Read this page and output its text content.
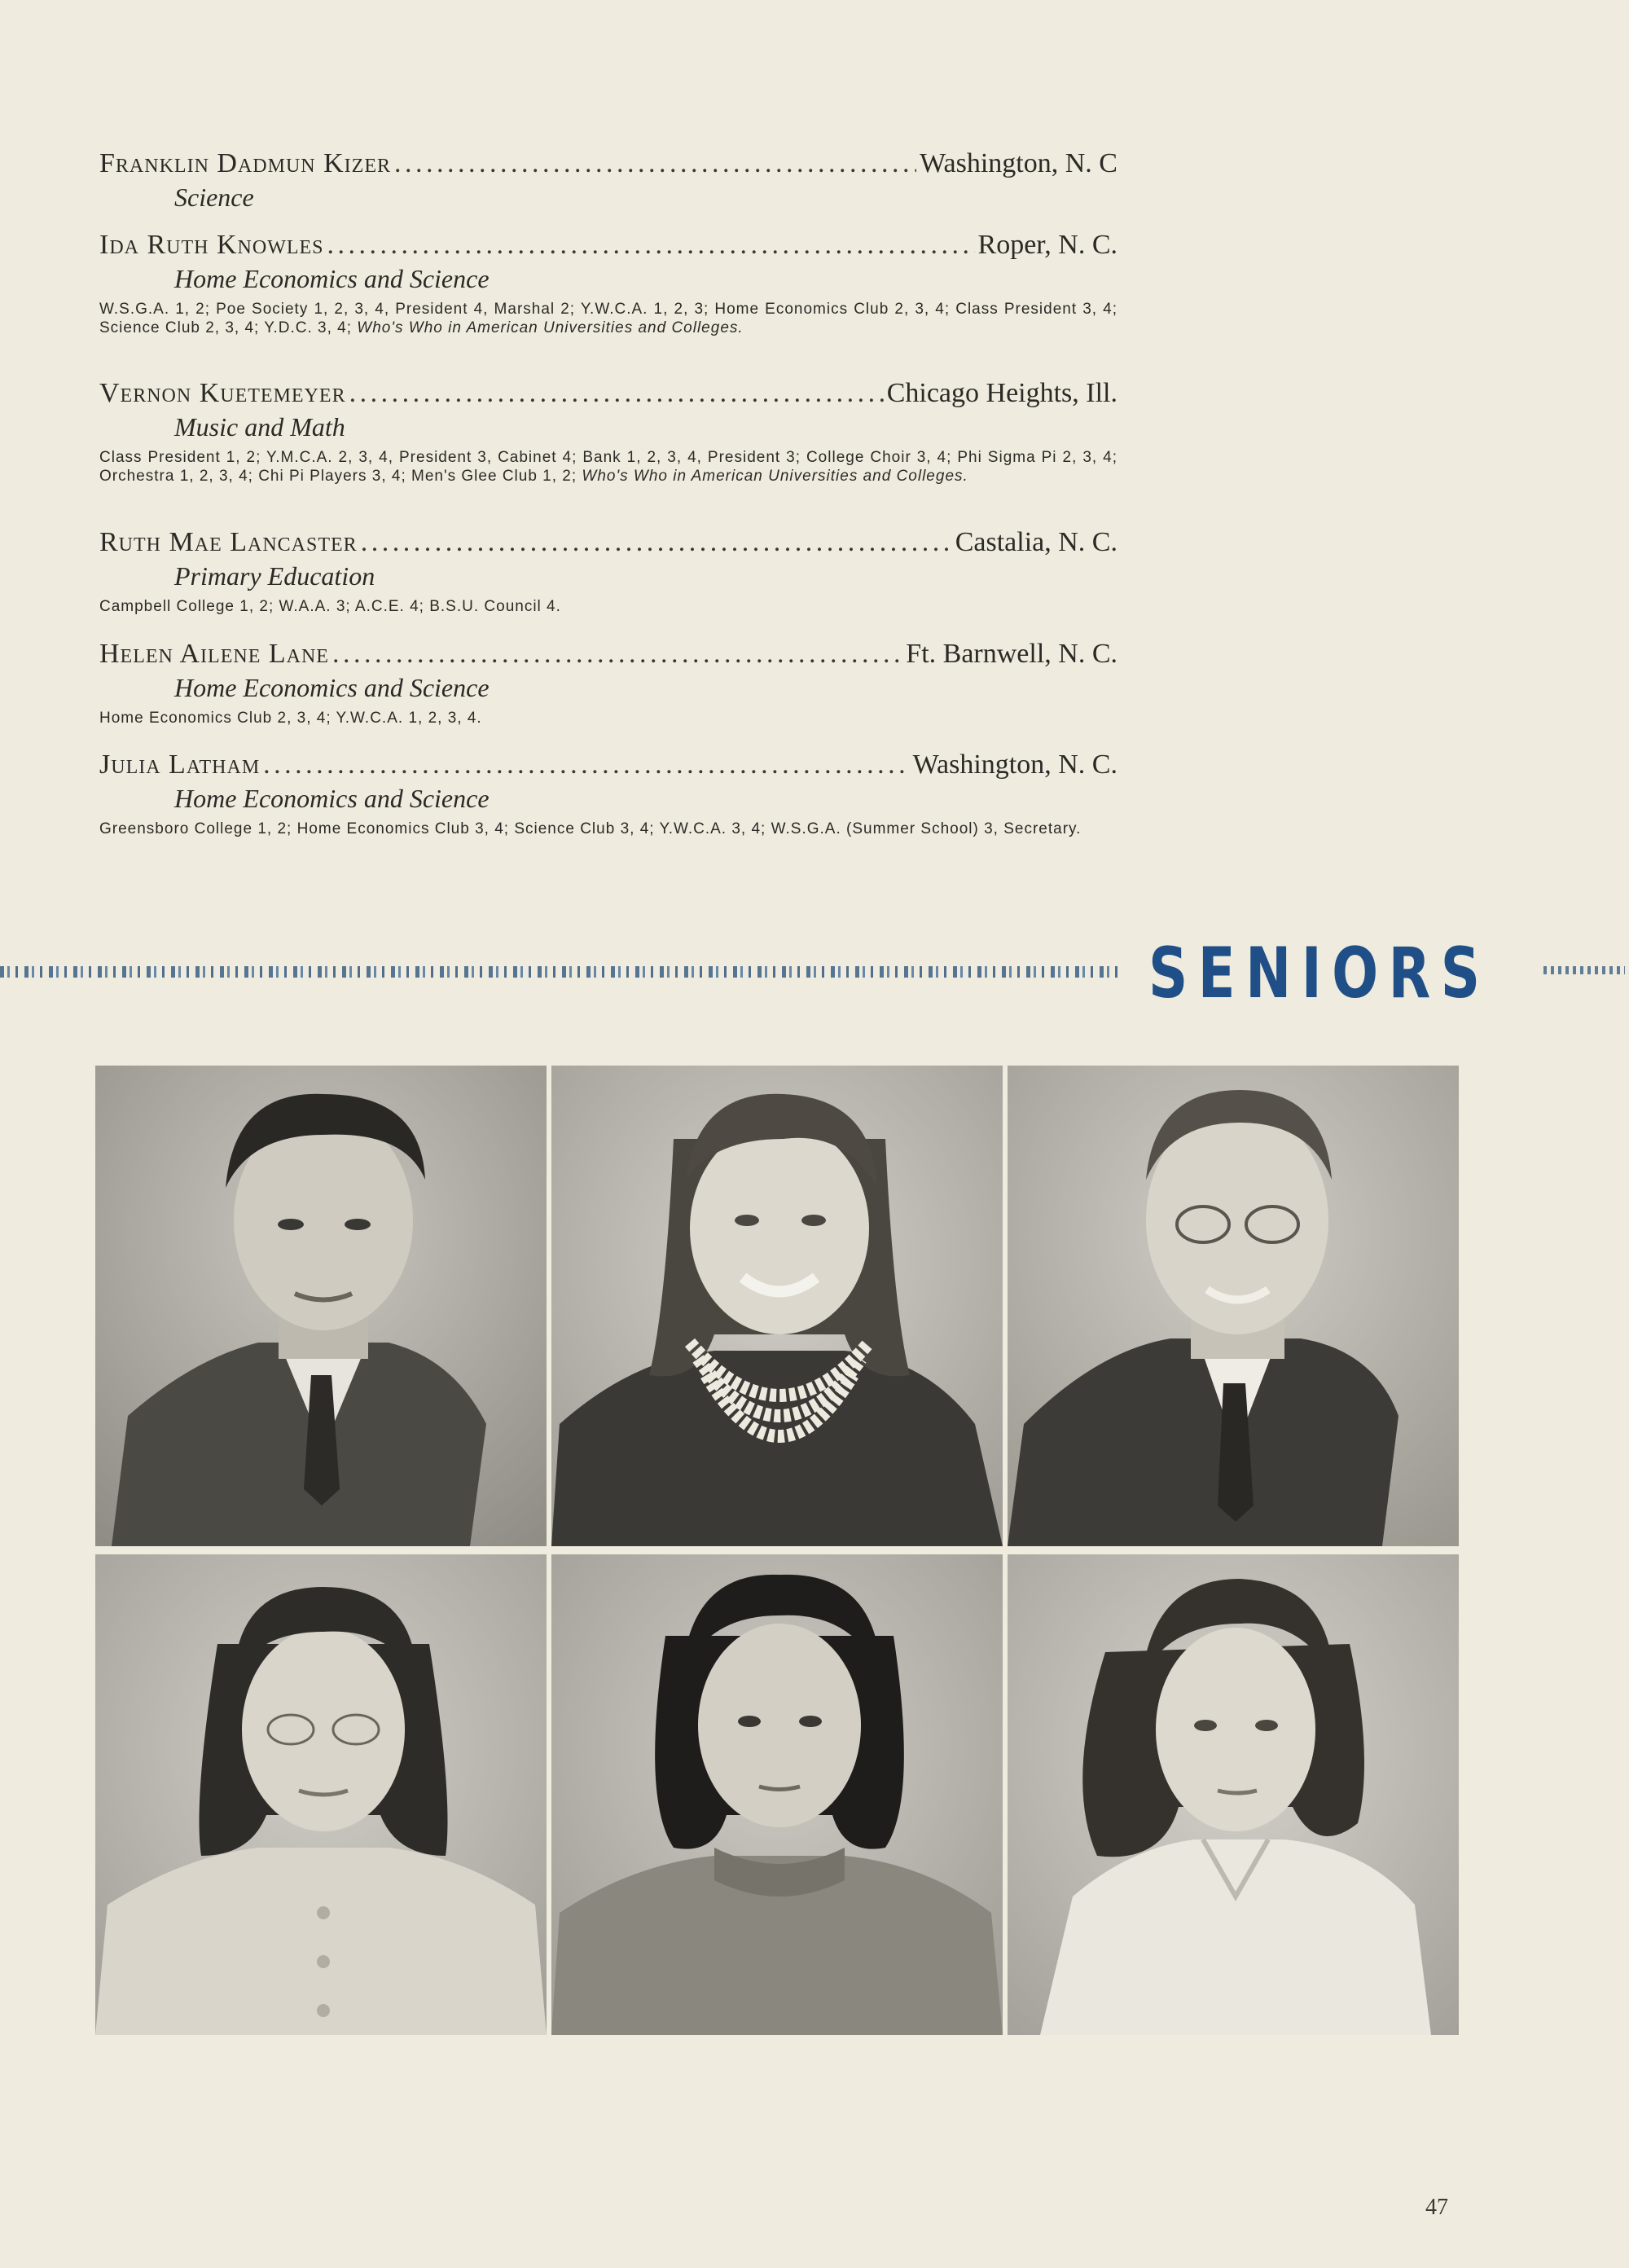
Franklin Dadmun Kizer . . .	Washington, N. C
Science
Ida Ruth Knowles . . .	Roper, N. C.
Home Economics and Science
W.S.G.A. 1, 2; Poe Society 1, 2, 3, 4, President 4, Marshal 2; Y.W.C.A. 1, 2, 3; Home Economics Club 2, 3, 4; Class President 3, 4; Science Club 2, 3, 4; Y.D.C. 3, 4; Who's Who in American Universities and Colleges.
Vernon Kuetemeyer . . .	Chicago Heights, Ill.
Music and Math
Class President 1, 2; Y.M.C.A. 2, 3, 4, President 3, Cabinet 4; Bank 1, 2, 3, 4, President 3; College Choir 3, 4; Phi Sigma Pi 2, 3, 4; Orchestra 1, 2, 3, 4; Chi Pi Players 3, 4; Men's Glee Club 1, 2; Who's Who in American Universities and Colleges.
Ruth Mae Lancaster . . .	Castalia, N. C.
Primary Education
Campbell College 1, 2; W.A.A. 3; A.C.E. 4; B.S.U. Council 4.
Helen Ailene Lane . . .	Ft. Barnwell, N. C.
Home Economics and Science
Home Economics Club 2, 3, 4; Y.W.C.A. 1, 2, 3, 4.
Julia Latham . . .	Washington, N. C.
Home Economics and Science
Greensboro College 1, 2; Home Economics Club 3, 4; Science Club 3, 4; Y.W.C.A. 3, 4; W.S.G.A. (Summer School) 3, Secretary.
SENIORS
47
